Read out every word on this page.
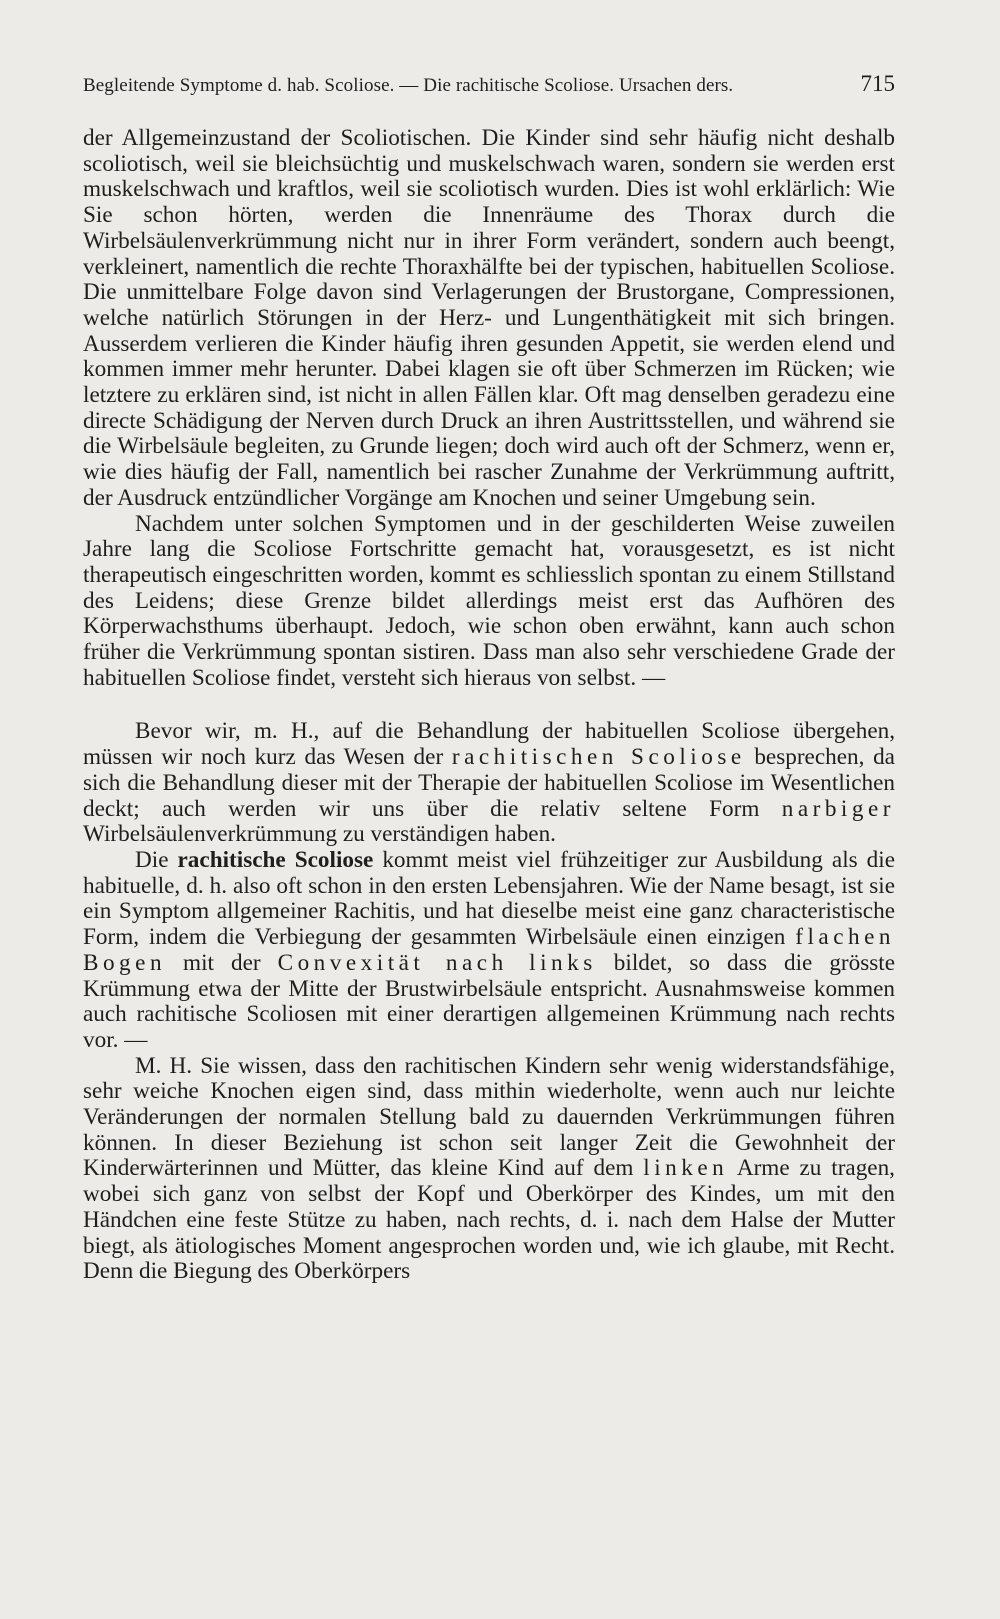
Begleitende Symptome d. hab. Scoliose. — Die rachitische Scoliose. Ursachen ders.	715

der Allgemeinzustand der Scoliotischen. Die Kinder sind sehr häufig nicht deshalb scoliotisch, weil sie bleichsüchtig und muskelschwach waren, sondern sie werden erst muskelschwach und kraftlos, weil sie scoliotisch wurden. Dies ist wohl erklärlich: Wie Sie schon hörten, werden die Innenräume des Thorax durch die Wirbelsäulenverkrümmung nicht nur in ihrer Form verändert, sondern auch beengt, verkleinert, namentlich die rechte Thoraxhälfte bei der typischen, habituellen Scoliose. Die unmittelbare Folge davon sind Verlagerungen der Brustorgane, Compressionen, welche natürlich Störungen in der Herz- und Lungenthätigkeit mit sich bringen. Ausserdem verlieren die Kinder häufig ihren gesunden Appetit, sie werden elend und kommen immer mehr herunter. Dabei klagen sie oft über Schmerzen im Rücken; wie letztere zu erklären sind, ist nicht in allen Fällen klar. Oft mag denselben geradezu eine directe Schädigung der Nerven durch Druck an ihren Austrittsstellen, und während sie die Wirbelsäule begleiten, zu Grunde liegen; doch wird auch oft der Schmerz, wenn er, wie dies häufig der Fall, namentlich bei rascher Zunahme der Verkrümmung auftritt, der Ausdruck entzündlicher Vorgänge am Knochen und seiner Umgebung sein.

Nachdem unter solchen Symptomen und in der geschilderten Weise zuweilen Jahre lang die Scoliose Fortschritte gemacht hat, vorausgesetzt, es ist nicht therapeutisch eingeschritten worden, kommt es schliesslich spontan zu einem Stillstand des Leidens; diese Grenze bildet allerdings meist erst das Aufhören des Körperwachsthums überhaupt. Jedoch, wie schon oben erwähnt, kann auch schon früher die Verkrümmung spontan sistiren. Dass man also sehr verschiedene Grade der habituellen Scoliose findet, versteht sich hieraus von selbst. —

Bevor wir, m. H., auf die Behandlung der habituellen Scoliose übergehen, müssen wir noch kurz das Wesen der rachitischen Scoliose besprechen, da sich die Behandlung dieser mit der Therapie der habituellen Scoliose im Wesentlichen deckt; auch werden wir uns über die relativ seltene Form narbiger Wirbelsäulenverkrümmung zu verständigen haben.

Die rachitische Scoliose kommt meist viel frühzeitiger zur Ausbildung als die habituelle, d. h. also oft schon in den ersten Lebensjahren. Wie der Name besagt, ist sie ein Symptom allgemeiner Rachitis, und hat dieselbe meist eine ganz characteristische Form, indem die Verbiegung der gesammten Wirbelsäule einen einzigen flachen Bogen mit der Convexität nach links bildet, so dass die grösste Krümmung etwa der Mitte der Brustwirbelsäule entspricht. Ausnahmsweise kommen auch rachitische Scoliosen mit einer derartigen allgemeinen Krümmung nach rechts vor. —

M. H. Sie wissen, dass den rachitischen Kindern sehr wenig widerstandsfähige, sehr weiche Knochen eigen sind, dass mithin wiederholte, wenn auch nur leichte Veränderungen der normalen Stellung bald zu dauernden Verkrümmungen führen können. In dieser Beziehung ist schon seit langer Zeit die Gewohnheit der Kinderwärterinnen und Mütter, das kleine Kind auf dem linken Arme zu tragen, wobei sich ganz von selbst der Kopf und Oberkörper des Kindes, um mit den Händchen eine feste Stütze zu haben, nach rechts, d. i. nach dem Halse der Mutter biegt, als ätiologisches Moment angesprochen worden und, wie ich glaube, mit Recht. Denn die Biegung des Oberkörpers
